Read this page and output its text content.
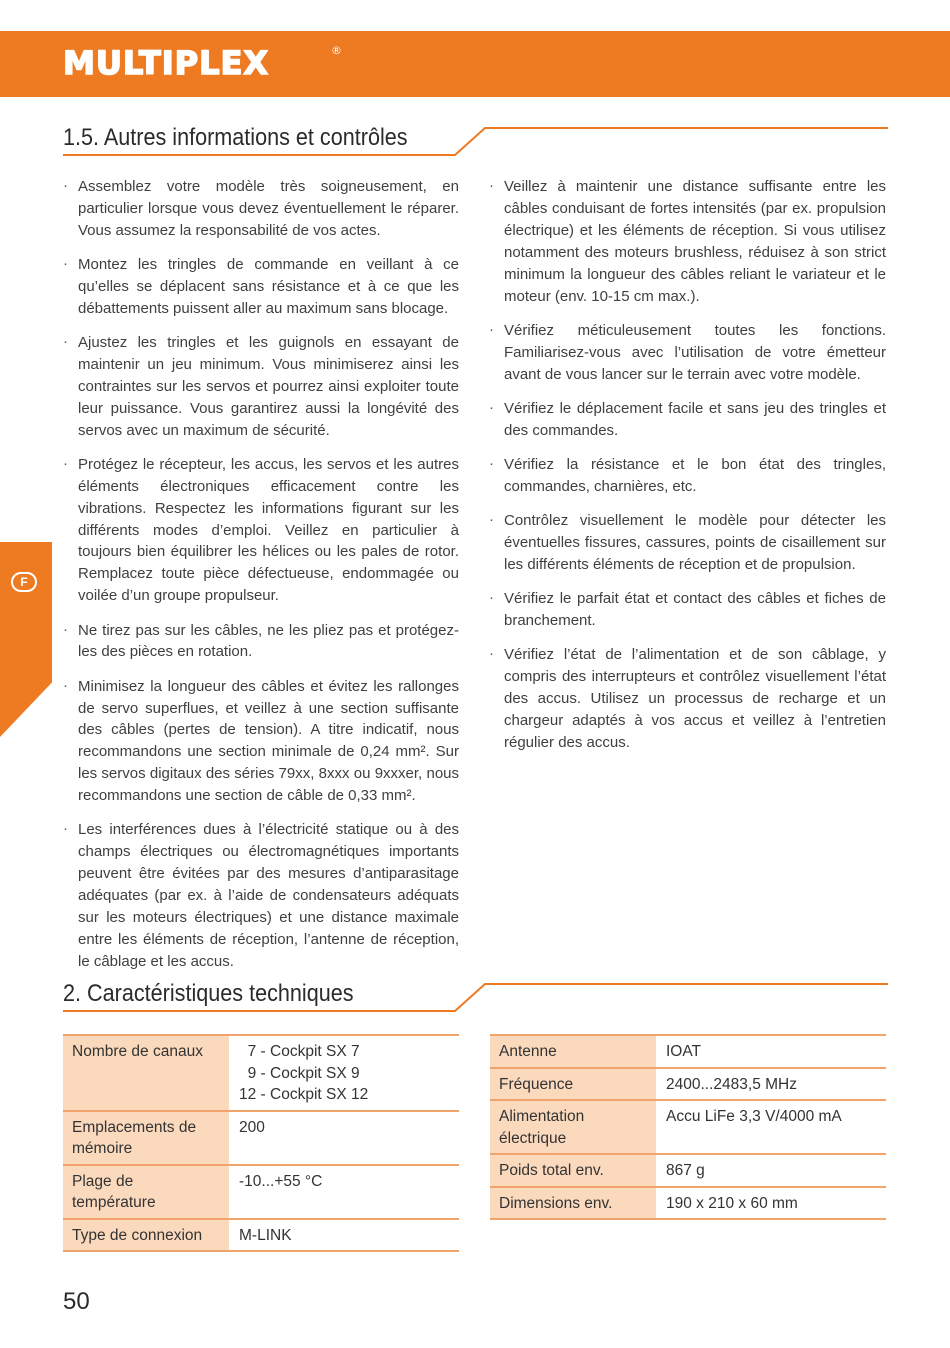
MULTIPLEX	®
F
1.5. Autres informations et contrôles
· Assemblez votre modèle très soigneusement, en particulier lorsque vous devez éventuellement le réparer. Vous assumez la responsabilité de vos actes.
· Montez les tringles de commande en veillant à ce qu’elles se déplacent sans résistance et à ce que les débattements puissent aller au maximum sans blocage.
· Ajustez les tringles et les guignols en essayant de maintenir un jeu minimum. Vous minimiserez ainsi les contraintes sur les servos et pourrez ainsi exploiter toute leur puissance. Vous garantirez aussi la longévité des servos avec un maximum de sécurité.
· Protégez le récepteur, les accus, les servos et les autres éléments électroniques efficacement contre les vibrations. Respectez les informations figurant sur les différents modes d’emploi. Veillez en particulier à toujours bien équilibrer les hélices ou les pales de rotor. Remplacez toute pièce défectueuse, endommagée ou voilée d’un groupe propulseur.
· Ne tirez pas sur les câbles, ne les pliez pas et protégez-les des pièces en rotation.
· Minimisez la longueur des câbles et évitez les rallonges de servo superflues, et veillez à une section suffisante des câbles (pertes de tension). A titre indicatif, nous recommandons une section minimale de 0,24 mm². Sur les servos digitaux des séries 79xx, 8xxx ou 9xxxer, nous recommandons une section de câble de 0,33 mm².
· Les interférences dues à l’électricité statique ou à des champs électriques ou électromagnétiques importants peuvent être évitées par des mesures d’antiparasitage adéquates (par ex. à l’aide de condensateurs adéquats sur les moteurs électriques) et une distance maximale entre les éléments de réception, l’antenne de réception, le câblage et les accus.
· Veillez à maintenir une distance suffisante entre les câbles conduisant de fortes intensités (par ex. propulsion électrique) et les éléments de réception. Si vous utilisez notamment des moteurs brushless, réduisez à son strict minimum la longueur des câbles reliant le variateur et le moteur (env. 10-15 cm max.).
· Vérifiez méticuleusement toutes les fonctions. Familiarisez-vous avec l’utilisation de votre émetteur avant de vous lancer sur le terrain avec votre modèle.
· Vérifiez le déplacement facile et sans jeu des tringles et des commandes.
· Vérifiez la résistance et le bon état des tringles, commandes, charnières, etc.
· Contrôlez visuellement le modèle pour détecter les éventuelles fissures, cassures, points de cisaillement sur les différents éléments de réception et de propulsion.
· Vérifiez le parfait état et contact des câbles et fiches de branchement.
· Vérifiez l’état de l’alimentation et de son câblage, y compris des interrupteurs et contrôlez visuellement l’état des accus. Utilisez un processus de recharge et un chargeur adaptés à vos accus et veillez à l’entretien régulier des accus.
2. Caractéristiques techniques
Nombre de canaux	7 - Cockpit SX 7
9 - Cockpit SX 9
12 - Cockpit SX 12

Emplacements de mémoire	200

Plage de température	-10...+55 °C

Type de connexion	M-LINK
Antenne	IOAT

Fréquence	2400...2483,5 MHz

Alimentation électrique	Accu LiFe 3,3 V/4000 mA

Poids total env.	867 g

Dimensions env.	190 x 210 x 60 mm
50
